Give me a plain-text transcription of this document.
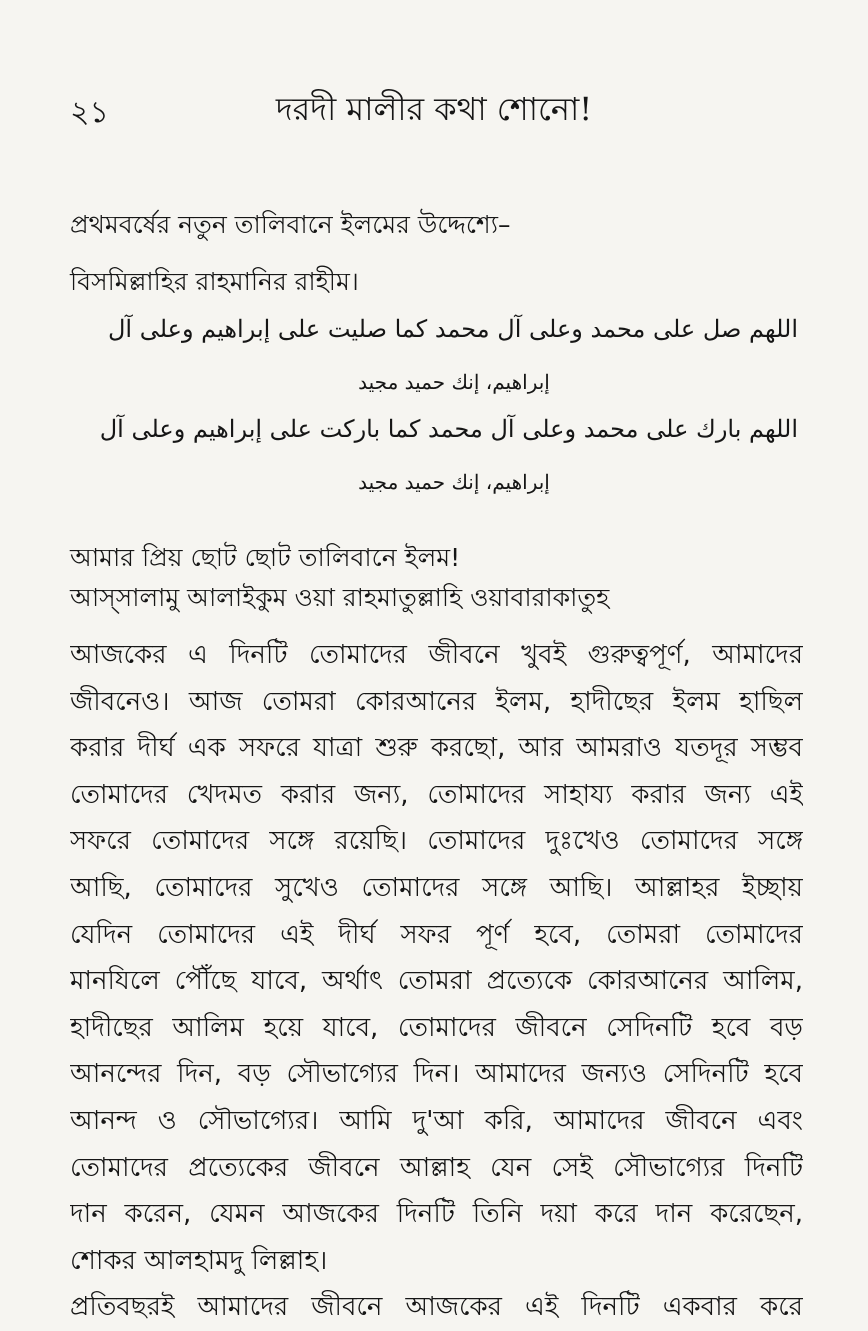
২১	দরদী মালীর কথা শোনো!
প্রথমবর্ষের নতুন তালিবানে ইলমের উদ্দেশ্যে–
বিসমিল্লাহির রাহমানির রাহীম।
اللهم صل على محمد وعلى آل محمد كما صليت على إبراهيم وعلى آل
إبراهيم، إنك حميد مجيد
اللهم بارك على محمد وعلى آل محمد كما باركت على إبراهيم وعلى آل
إبراهيم، إنك حميد مجيد
আমার প্রিয় ছোট ছোট তালিবানে ইলম!
আস্‌সালামু আলাইকুম ওয়া রাহমাতুল্লাহি ওয়াবারাকাতুহ
আজকের এ দিনটি তোমাদের জীবনে খুবই গুরুত্বপূর্ণ, আমাদের
জীবনেও। আজ তোমরা কোরআনের ইলম, হাদীছের ইলম হাছিল
করার দীর্ঘ এক সফরে যাত্রা শুরু করছো, আর আমরাও যতদূর সম্ভব
তোমাদের খেদমত করার জন্য, তোমাদের সাহায্য করার জন্য এই
সফরে তোমাদের সঙ্গে রয়েছি। তোমাদের দুঃখেও তোমাদের সঙ্গে
আছি, তোমাদের সুখেও তোমাদের সঙ্গে আছি। আল্লাহর ইচ্ছায়
যেদিন তোমাদের এই দীর্ঘ সফর পূর্ণ হবে, তোমরা তোমাদের
মানযিলে পৌঁছে যাবে, অর্থাৎ তোমরা প্রত্যেকে কোরআনের আলিম,
হাদীছের আলিম হয়ে যাবে, তোমাদের জীবনে সেদিনটি হবে বড়
আনন্দের দিন, বড় সৌভাগ্যের দিন। আমাদের জন্যও সেদিনটি হবে
আনন্দ ও সৌভাগ্যের। আমি দু'আ করি, আমাদের জীবনে এবং
তোমাদের প্রত্যেকের জীবনে আল্লাহ যেন সেই সৌভাগ্যের দিনটি
দান করেন, যেমন আজকের দিনটি তিনি দয়া করে দান করেছেন,
শোকর আলহামদু লিল্লাহ।
প্রতিবছরই আমাদের জীবনে আজকের এই দিনটি একবার করে
